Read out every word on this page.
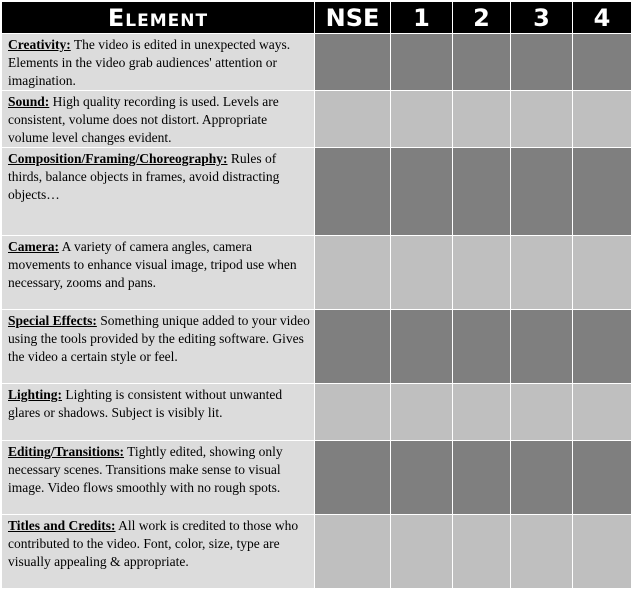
Element	NSE	1	2	3	4
Creativity: The video is edited in unexpected ways. Elements in the video grab audiences' attention or imagination.					
Sound: High quality recording is used. Levels are consistent, volume does not distort. Appropriate volume level changes evident.					
Composition/Framing/Choreography: Rules of thirds, balance objects in frames, avoid distracting objects…					
Camera: A variety of camera angles, camera movements to enhance visual image, tripod use when necessary, zooms and pans.					
Special Effects: Something unique added to your video using the tools provided by the editing software. Gives the video a certain style or feel.					
Lighting: Lighting is consistent without unwanted glares or shadows. Subject is visibly lit.					
Editing/Transitions: Tightly edited, showing only necessary scenes. Transitions make sense to visual image. Video flows smoothly with no rough spots.					
Titles and Credits: All work is credited to those who contributed to the video. Font, color, size, type are visually appealing & appropriate.					
